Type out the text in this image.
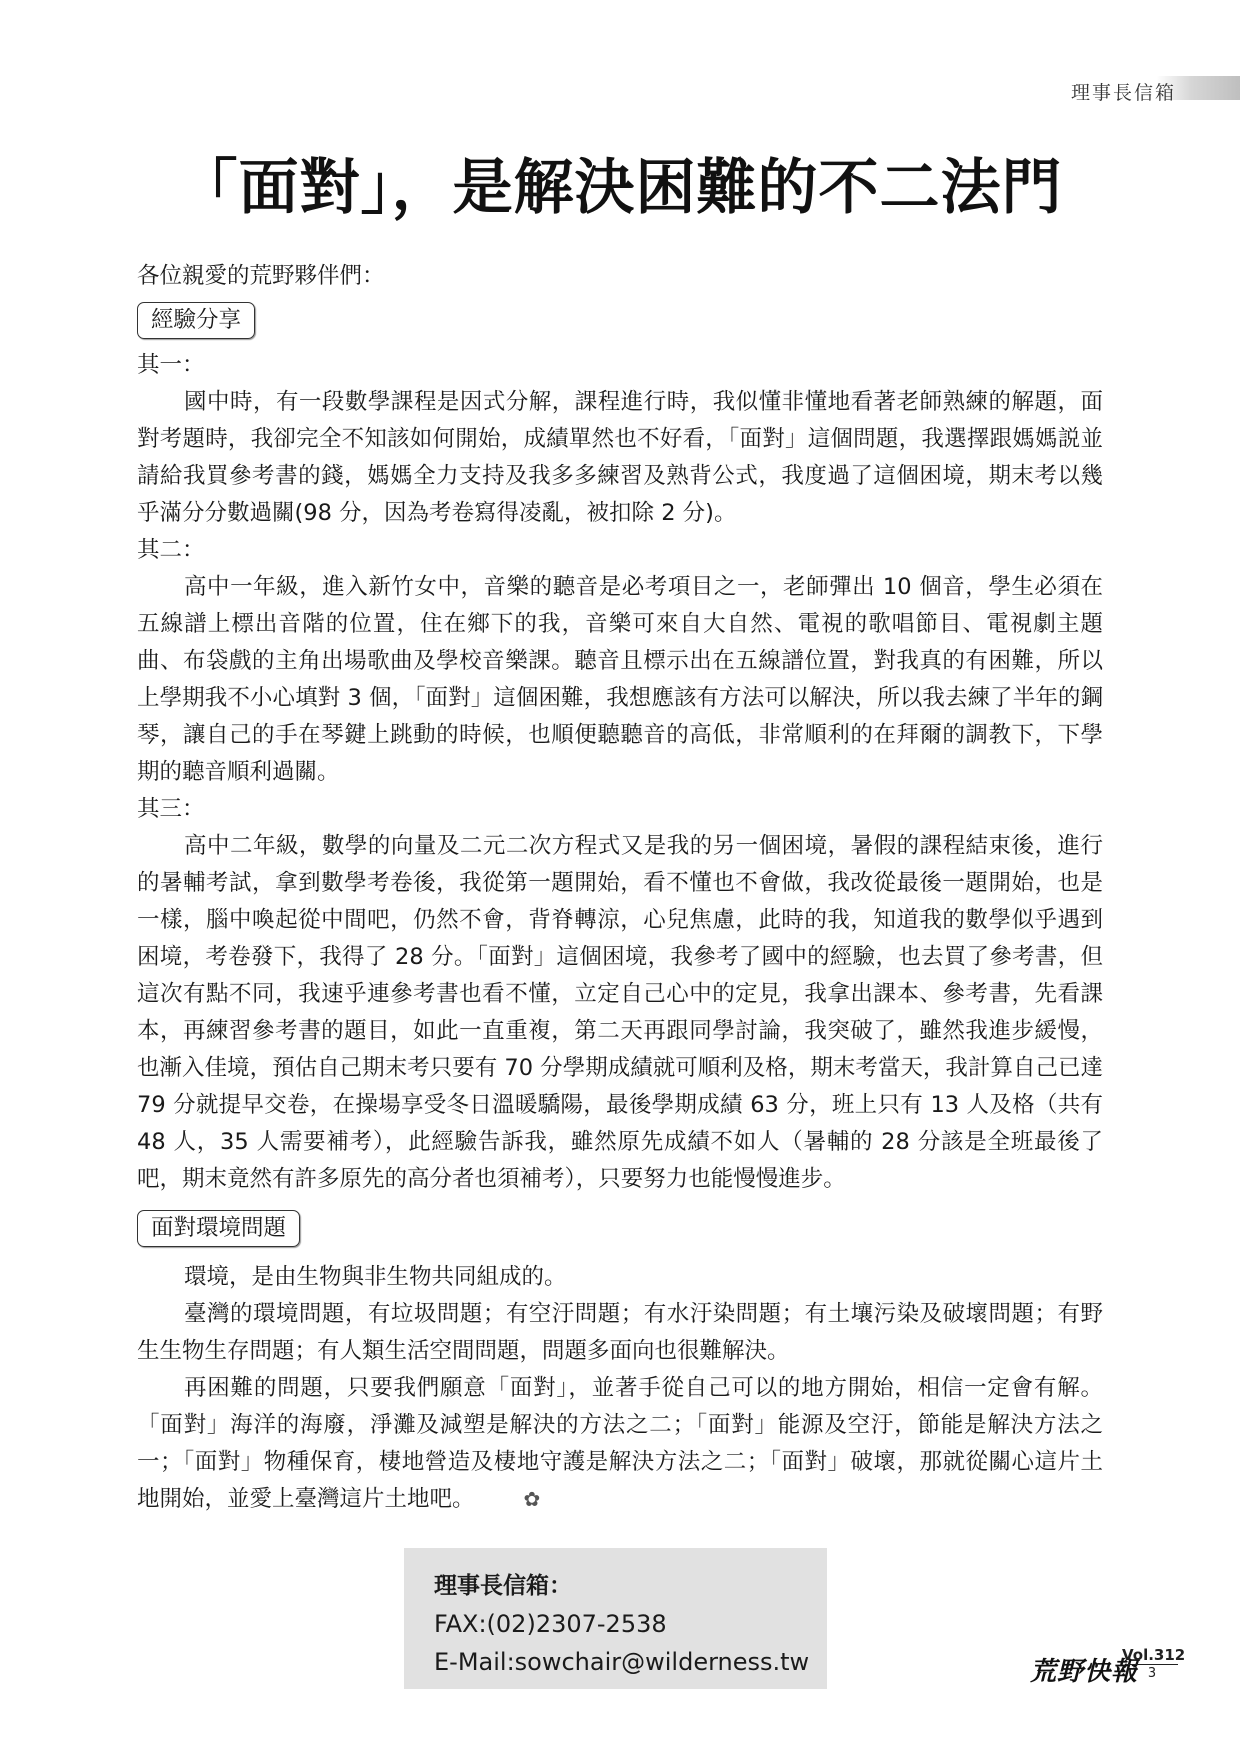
理事長信箱
「面對」，是解決困難的不二法門

各位親愛的荒野夥伴們：

經驗分享

其一：

國中時，有一段數學課程是因式分解，課程進行時，我似懂非懂地看著老師熟練的解題，面對考題時，我卻完全不知該如何開始，成績單然也不好看，「面對」這個問題，我選擇跟媽媽説並請給我買參考書的錢，媽媽全力支持及我多多練習及熟背公式，我度過了這個困境，期末考以幾乎滿分分數過關(98 分，因為考卷寫得凌亂，被扣除 2 分)。

其二：

高中一年級，進入新竹女中，音樂的聽音是必考項目之一，老師彈出 10 個音，學生必須在五線譜上標出音階的位置，住在鄉下的我，音樂可來自大自然、電視的歌唱節目、電視劇主題曲、布袋戲的主角出場歌曲及學校音樂課。聽音且標示出在五線譜位置，對我真的有困難，所以上學期我不小心填對 3 個，「面對」這個困難，我想應該有方法可以解決，所以我去練了半年的鋼琴，讓自己的手在琴鍵上跳動的時候，也順便聽聽音的高低，非常順利的在拜爾的調教下，下學期的聽音順利過關。

其三：

高中二年級，數學的向量及二元二次方程式又是我的另一個困境，暑假的課程結束後，進行的暑輔考試，拿到數學考卷後，我從第一題開始，看不懂也不會做，我改從最後一題開始，也是一樣，腦中喚起從中間吧，仍然不會，背脊轉涼，心兒焦慮，此時的我，知道我的數學似乎遇到困境，考卷發下，我得了 28 分。「面對」這個困境，我參考了國中的經驗，也去買了參考書，但這次有點不同，我速乎連參考書也看不懂，立定自己心中的定見，我拿出課本、參考書，先看課本，再練習參考書的題目，如此一直重複，第二天再跟同學討論，我突破了，雖然我進步緩慢，也漸入佳境，預估自己期末考只要有 70 分學期成績就可順利及格，期末考當天，我計算自己已達 79 分就提早交卷，在操場享受冬日溫暖驕陽，最後學期成績 63 分，班上只有 13 人及格（共有 48 人，35 人需要補考），此經驗告訴我，雖然原先成績不如人（暑輔的 28 分該是全班最後了吧，期末竟然有許多原先的高分者也須補考），只要努力也能慢慢進步。

面對環境問題

環境，是由生物與非生物共同組成的。

臺灣的環境問題，有垃圾問題；有空汙問題；有水汙染問題；有土壤污染及破壞問題；有野生生物生存問題；有人類生活空間問題，問題多面向也很難解決。

再困難的問題，只要我們願意「面對」，並著手從自己可以的地方開始，相信一定會有解。「面對」海洋的海廢，淨灘及減塑是解決的方法之二；「面對」能源及空汙，節能是解決方法之一；「面對」物種保育，棲地營造及棲地守護是解決方法之二；「面對」破壞，那就從關心這片土地開始，並愛上臺灣這片土地吧。 ✿

理事長信箱：
FAX:(02)2307-2538
E-Mail:sowchair@wilderness.tw	荒野快報
Vol.312
3
